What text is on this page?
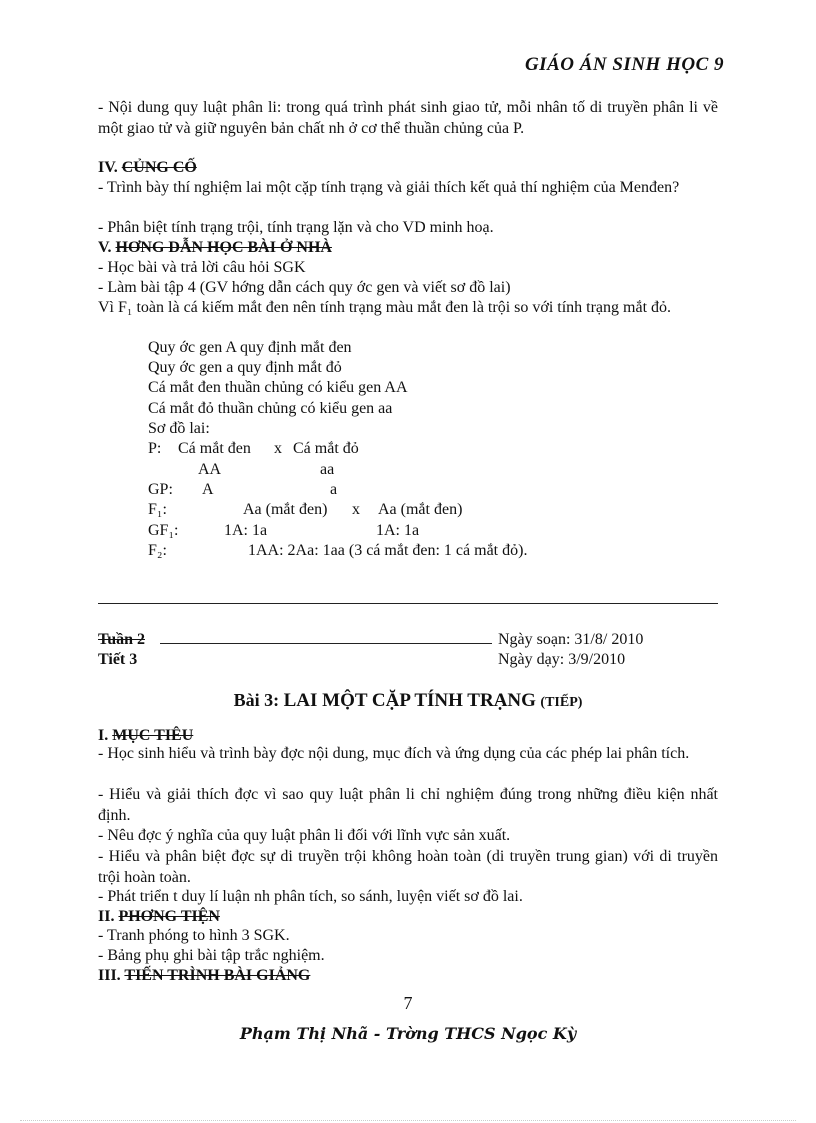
GIÁO ÁN SINH HỌC 9
- Nội dung quy luật phân li: trong quá trình phát sinh giao tử, mỗi nhân tố di truyền phân li về một giao tử và giữ nguyên bản chất nh ở cơ thể thuần chủng của P.
IV. CỦNG CỐ
- Trình bày thí nghiệm lai một cặp tính trạng và giải thích kết quả thí nghiệm của Menđen?
- Phân biệt tính trạng trội, tính trạng lặn và cho VD minh hoạ.
V. HƠNG DẪN HỌC BÀI Ở NHÀ
- Học bài và trả lời câu hỏi SGK
- Làm bài tập 4 (GV hớng dẫn cách quy ớc gen và viết sơ đồ lai)
Vì F₁ toàn là cá kiếm mắt đen nên tính trạng màu mắt đen là trội so với tính trạng mắt đỏ.
Quy ớc gen A quy định mắt đen
Quy ớc gen a quy định mắt đỏ
Cá mắt đen thuần chủng có kiểu gen AA
Cá mắt đỏ thuần chủng có kiểu gen aa
Sơ đồ lai:
P: Cá mắt đen x Cá mắt đỏ
AA	aa
GP: A	a
F₁:	Aa (mắt đen) x Aa (mắt đen)
GF₁:	1A: 1a	1A: 1a
F₂:	1AA: 2Aa: 1aa (3 cá mắt đen: 1 cá mắt đỏ).
Tuần 2	Ngày soạn: 31/8/ 2010
Tiết 3	Ngày dạy: 3/9/2010
Bài 3: LAI MỘT CẶP TÍNH TRẠNG (TIẾP)
I. MỤC TIÊU
- Học sinh hiểu và trình bày đợc nội dung, mục đích và ứng dụng của các phép lai phân tích.
- Hiểu và giải thích đợc vì sao quy luật phân li chỉ nghiệm đúng trong những điều kiện nhất định.
- Nêu đợc ý nghĩa của quy luật phân li đối với lĩnh vực sản xuất.
- Hiểu và phân biệt đợc sự di truyền trội không hoàn toàn (di truyền trung gian) với di truyền trội hoàn toàn.
- Phát triển t duy lí luận nh phân tích, so sánh, luyện viết sơ đồ lai.
II. PHƠNG TIỆN
- Tranh phóng to hình 3 SGK.
- Bảng phụ ghi bài tập trắc nghiệm.
III. TIẾN TRÌNH BÀI GIẢNG
7
Phạm Thị Nhã - Trờng THCS Ngọc Kỳ
